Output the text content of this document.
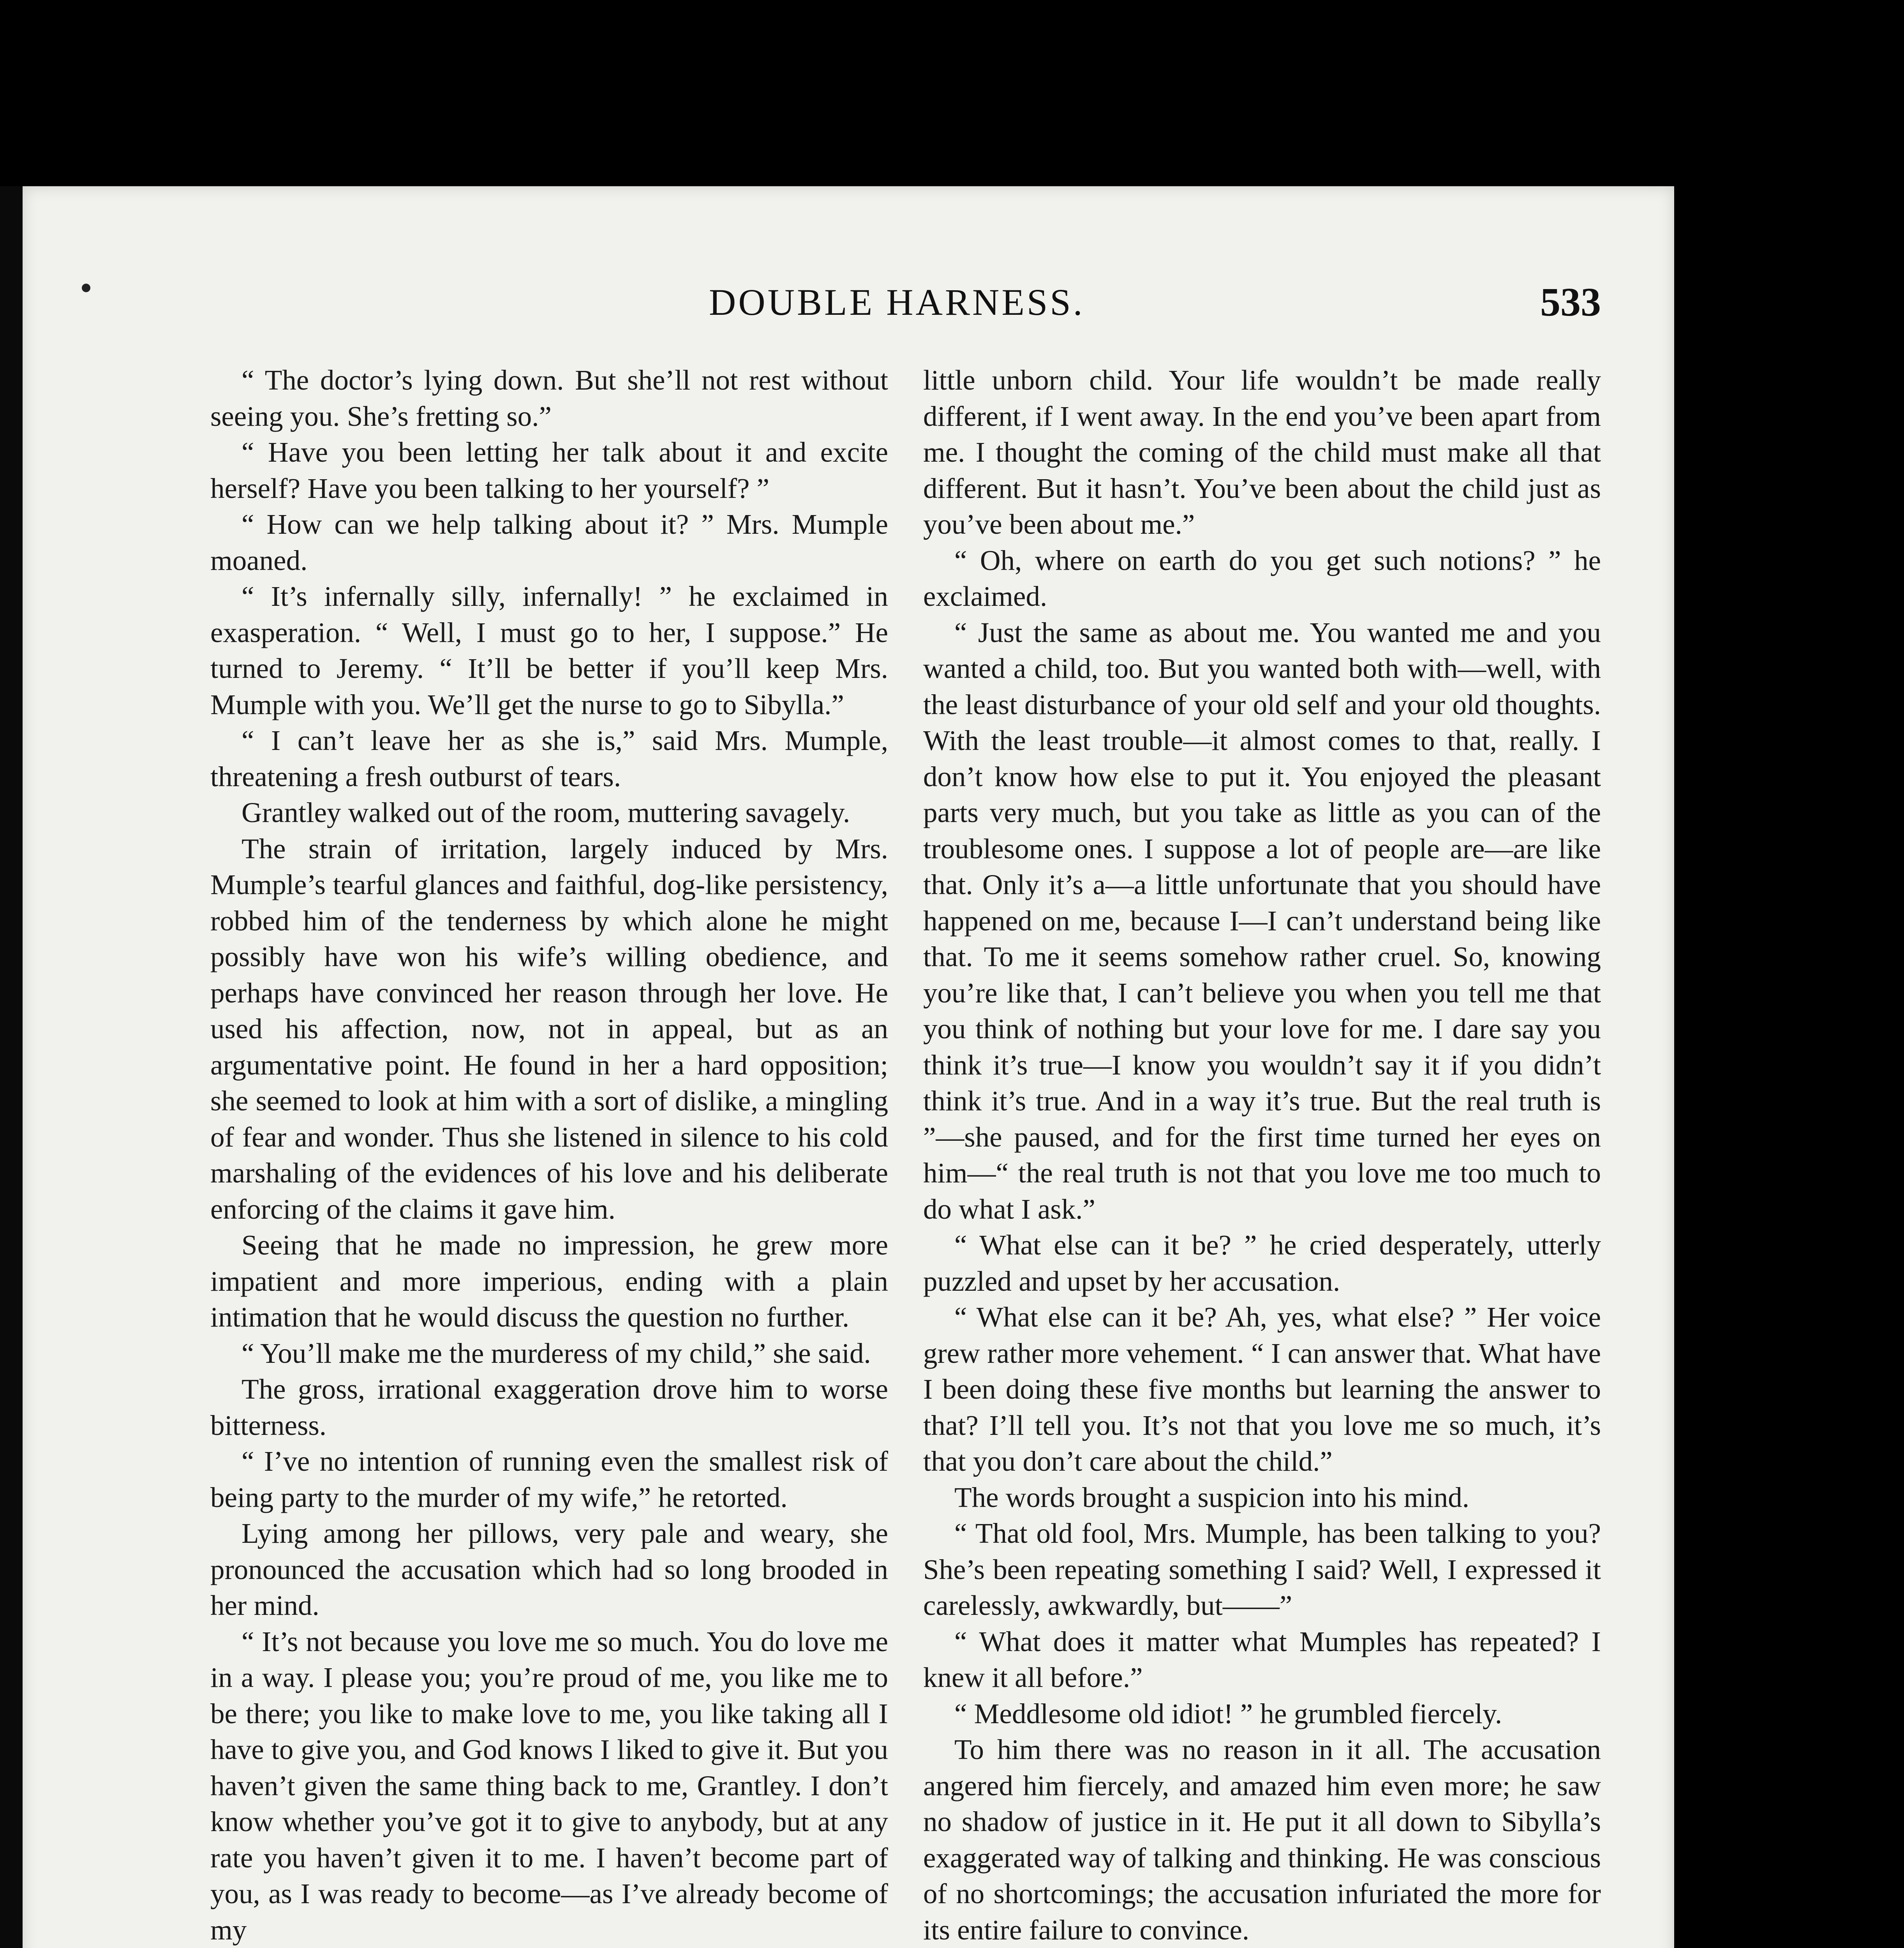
DOUBLE HARNESS.	533

“ The doctor’s lying down. But she’ll not rest without seeing you. She’s fretting so.”

“ Have you been letting her talk about it and excite herself? Have you been talking to her yourself? ”

“ How can we help talking about it? ” Mrs. Mumple moaned.

“ It’s infernally silly, infernally! ” he exclaimed in exasperation. “ Well, I must go to her, I suppose.” He turned to Jeremy. “ It’ll be better if you’ll keep Mrs. Mumple with you. We’ll get the nurse to go to Sibylla.”

“ I can’t leave her as she is,” said Mrs. Mumple, threatening a fresh outburst of tears.

Grantley walked out of the room, muttering savagely.

The strain of irritation, largely induced by Mrs. Mumple’s tearful glances and faithful, dog-like persistency, robbed him of the tenderness by which alone he might possibly have won his wife’s willing obedience, and perhaps have convinced her reason through her love. He used his affection, now, not in appeal, but as an argumentative point. He found in her a hard opposition; she seemed to look at him with a sort of dislike, a mingling of fear and wonder. Thus she listened in silence to his cold marshaling of the evidences of his love and his deliberate enforcing of the claims it gave him.

Seeing that he made no impression, he grew more impatient and more imperious, ending with a plain intimation that he would discuss the question no further.

“ You’ll make me the murderess of my child,” she said.

The gross, irrational exaggeration drove him to worse bitterness.

“ I’ve no intention of running even the smallest risk of being party to the murder of my wife,” he retorted.

Lying among her pillows, very pale and weary, she pronounced the accusation which had so long brooded in her mind.

“ It’s not because you love me so much. You do love me in a way. I please you; you’re proud of me, you like me to be there; you like to make love to me, you like taking all I have to give you, and God knows I liked to give it. But you haven’t given the same thing back to me, Grantley. I don’t know whether you’ve got it to give to anybody, but at any rate you haven’t given it to me. I haven’t become part of you, as I was ready to become—as I’ve already become of my

little unborn child. Your life wouldn’t be made really different, if I went away. In the end you’ve been apart from me. I thought the coming of the child must make all that different. But it hasn’t. You’ve been about the child just as you’ve been about me.”

“ Oh, where on earth do you get such notions? ” he exclaimed.

“ Just the same as about me. You wanted me and you wanted a child, too. But you wanted both with—well, with the least disturbance of your old self and your old thoughts. With the least trouble—it almost comes to that, really. I don’t know how else to put it. You enjoyed the pleasant parts very much, but you take as little as you can of the troublesome ones. I suppose a lot of people are—are like that. Only it’s a—a little unfortunate that you should have happened on me, because I—I can’t understand being like that. To me it seems somehow rather cruel. So, knowing you’re like that, I can’t believe you when you tell me that you think of nothing but your love for me. I dare say you think it’s true—I know you wouldn’t say it if you didn’t think it’s true. And in a way it’s true. But the real truth is ”—she paused, and for the first time turned her eyes on him—“ the real truth is not that you love me too much to do what I ask.”

“ What else can it be? ” he cried desperately, utterly puzzled and upset by her accusation.

“ What else can it be? Ah, yes, what else? ” Her voice grew rather more vehement. “ I can answer that. What have I been doing these five months but learning the answer to that? I’ll tell you. It’s not that you love me so much, it’s that you don’t care about the child.”

The words brought a suspicion into his mind.

“ That old fool, Mrs. Mumple, has been talking to you? She’s been repeating something I said? Well, I expressed it carelessly, awkwardly, but——”

“ What does it matter what Mumples has repeated? I knew it all before.”

“ Meddlesome old idiot! ” he grumbled fiercely.

To him there was no reason in it all. The accusation angered him fiercely, and amazed him even more; he saw no shadow of justice in it. He put it all down to Sibylla’s exaggerated way of talking and thinking. He was conscious of no shortcomings; the accusation infuriated the more for its entire failure to convince.
